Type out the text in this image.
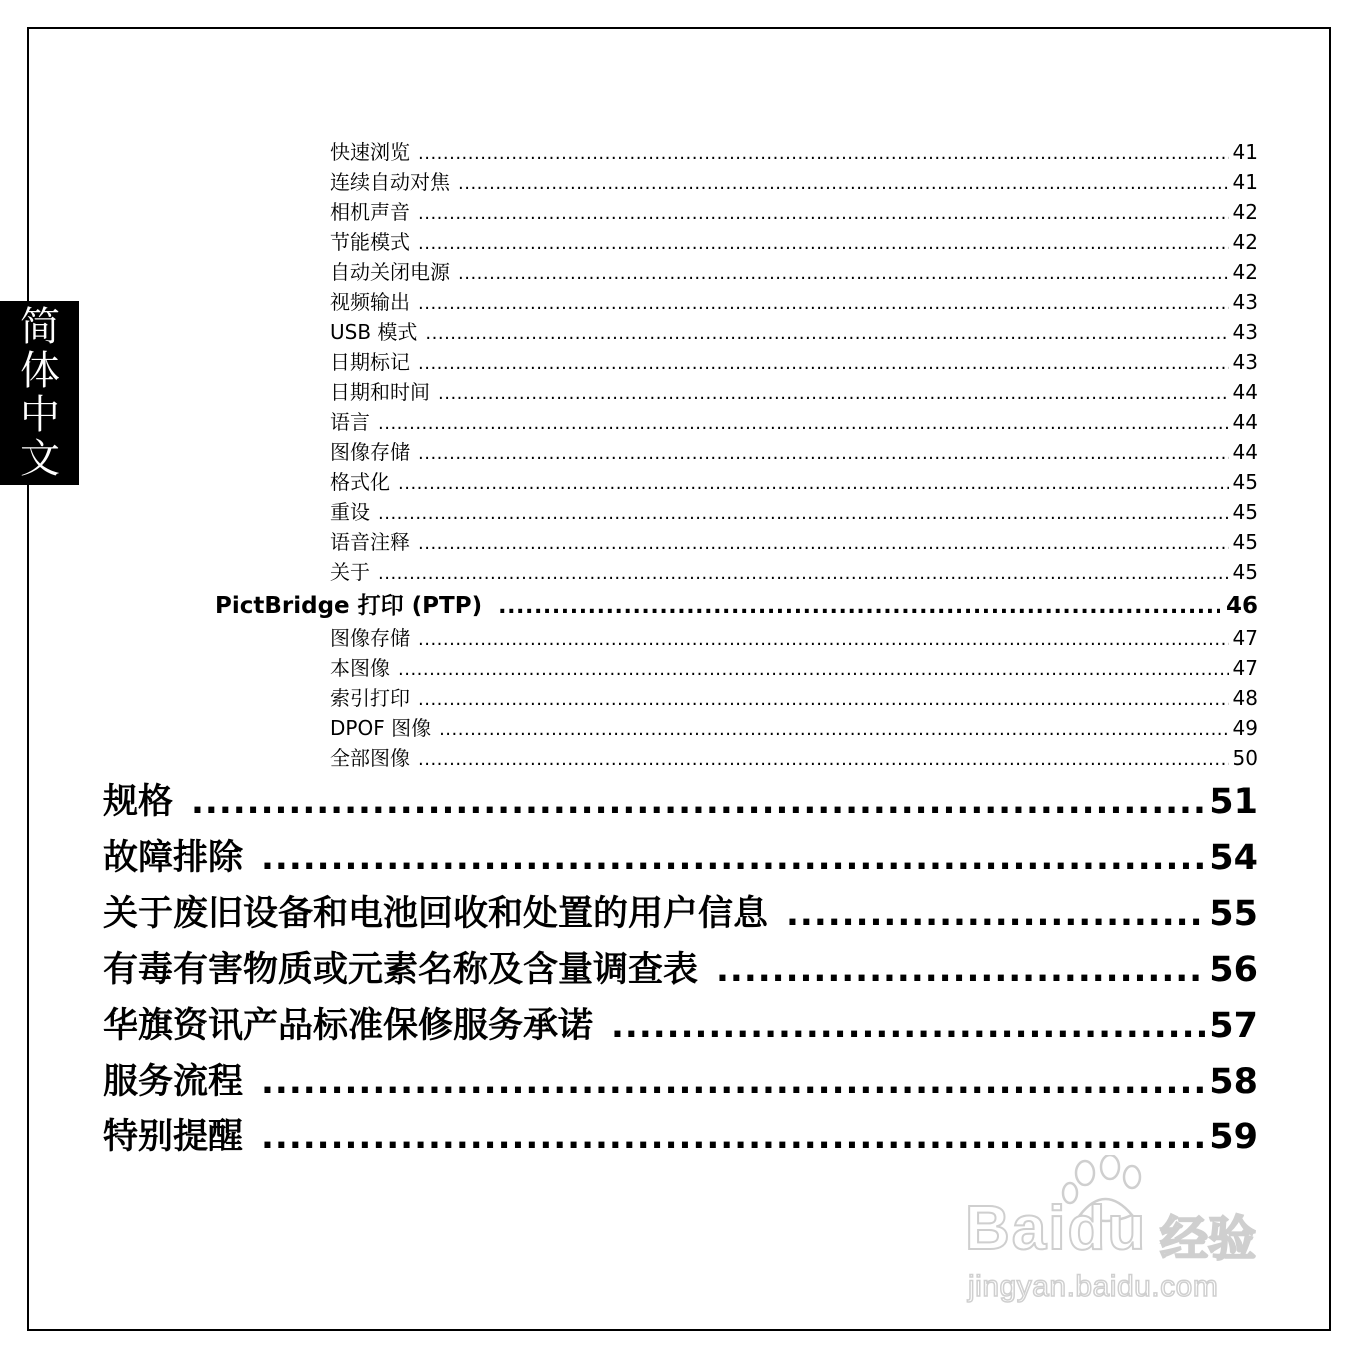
简体中文
快速浏览 .....	41
连续自动对焦 .....	41
相机声音 .....	42
节能模式 .....	42
自动关闭电源 .....	42
视频输出 .....	43
USB 模式 .....	43
日期标记 .....	43
日期和时间 .....	44
语言 .....	44
图像存储 .....	44
格式化 .....	45
重设 .....	45
语音注释 .....	45
关于 .....	45
PictBridge 打印 (PTP) .....	46
图像存储 .....	47
本图像 .....	47
索引打印 .....	48
DPOF 图像 .....	49
全部图像 .....	50
规格 .....	51
故障排除 .....	54
关于废旧设备和电池回收和处置的用户信息 .....	55
有毒有害物质或元素名称及含量调查表 .....	56
华旗资讯产品标准保修服务承诺 .....	57
服务流程 .....	58
特别提醒 .....	59
Baidu 经验
jingyan.baidu.com
